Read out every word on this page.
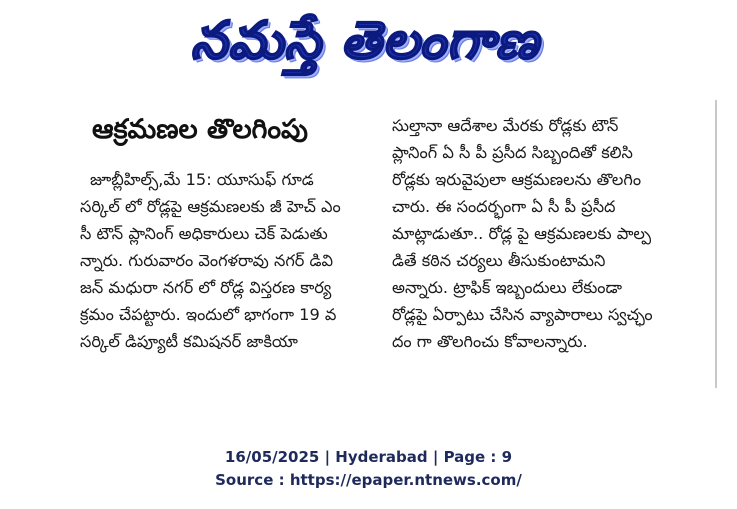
నమస్తే తెలంగాణ
ఆక్రమణల తొలగింపు
జూబ్లీహిల్స్,మే 15: యూసుఫ్ గూడ
సర్కిల్ లో రోడ్లపై ఆక్రమణలకు జీ హెచ్ ఎం
సీ టౌన్ ప్లానింగ్ అధికారులు చెక్ పెడుతు
న్నారు. గురువారం వెంగళరావు నగర్ డివి
జన్ మధురా నగర్ లో రోడ్ల విస్తరణ కార్య
క్రమం చేపట్టారు. ఇందులో భాగంగా 19 వ
సర్కిల్ డిప్యూటీ కమిషనర్ జాకియా
సుల్తానా ఆదేశాల మేరకు రోడ్లకు టౌన్
ప్లానింగ్ ఏ సీ పీ ప్రసీద సిబ్బందితో కలిసి
రోడ్లకు ఇరువైపులా ఆక్రమణలను తొలగిం
చారు. ఈ సందర్భంగా ఏ సీ పీ ప్రసీద
మాట్లాడుతూ.. రోడ్ల పై ఆక్రమణలకు పాల్ప
డితే కఠిన చర్యలు తీసుకుంటామని
అన్నారు. ట్రాఫిక్ ఇబ్బందులు లేకుండా
రోడ్లపై ఏర్పాటు చేసిన వ్యాపారాలు స్వచ్ఛం
దం గా తొలగించు కోవాలన్నారు.
16/05/2025 | Hyderabad | Page : 9
Source : https://epaper.ntnews.com/
